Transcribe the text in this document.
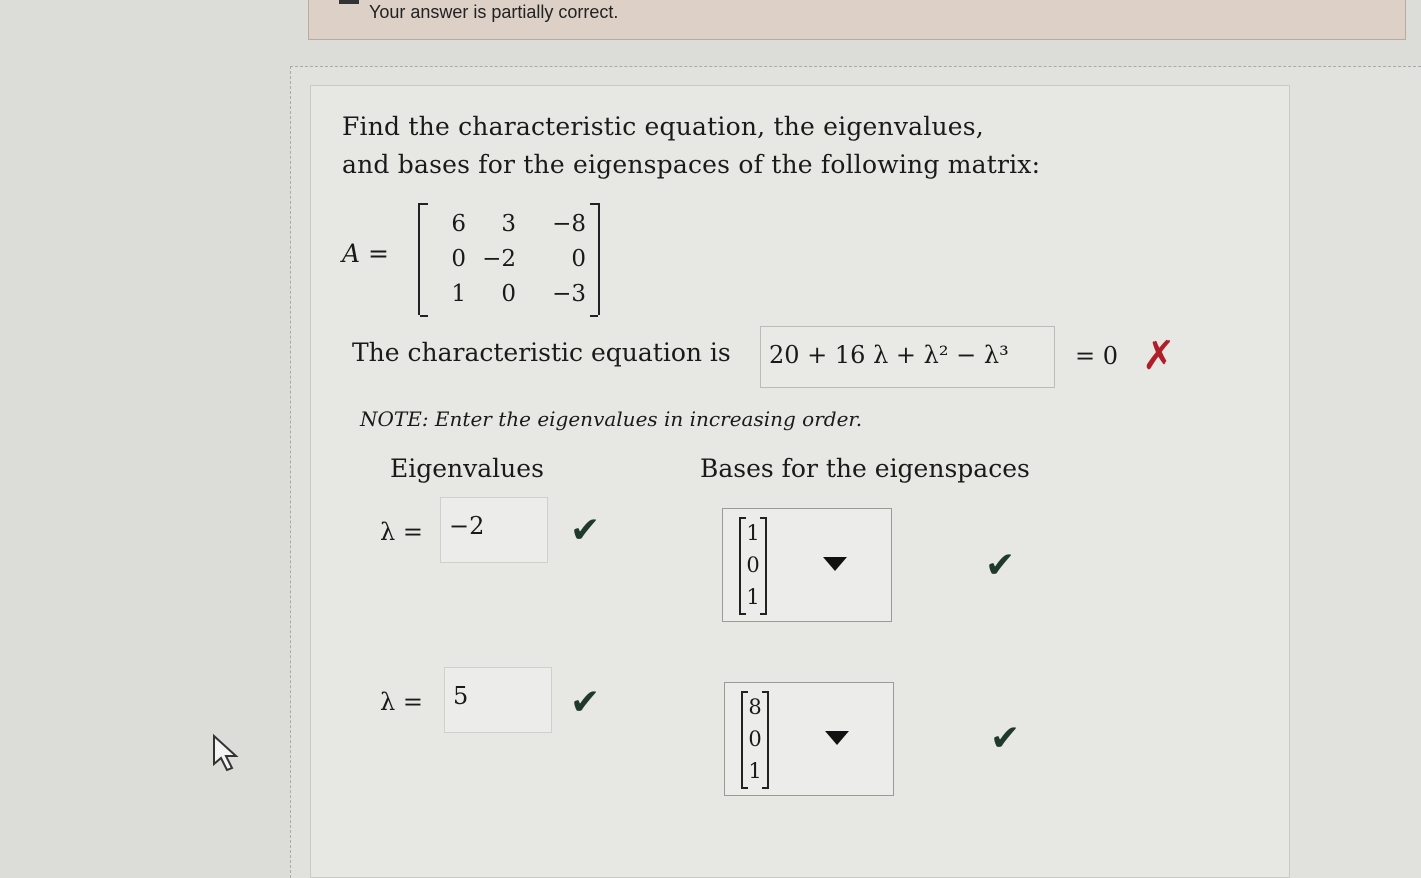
Your answer is partially correct.
Find the characteristic equation, the eigenvalues,
and bases for the eigenspaces of the following matrix:
A =
6	3	−8
0 −2	0
1	0	−3
The characteristic equation is 20 + 16 λ + λ² − λ³	= 0 ✗
NOTE: Enter the eigenvalues in increasing order.
Eigenvalues	Bases for the eigenspaces
λ = −2 ✔	1
0
1
✔
λ = 5	✔	8
0
1
✔
